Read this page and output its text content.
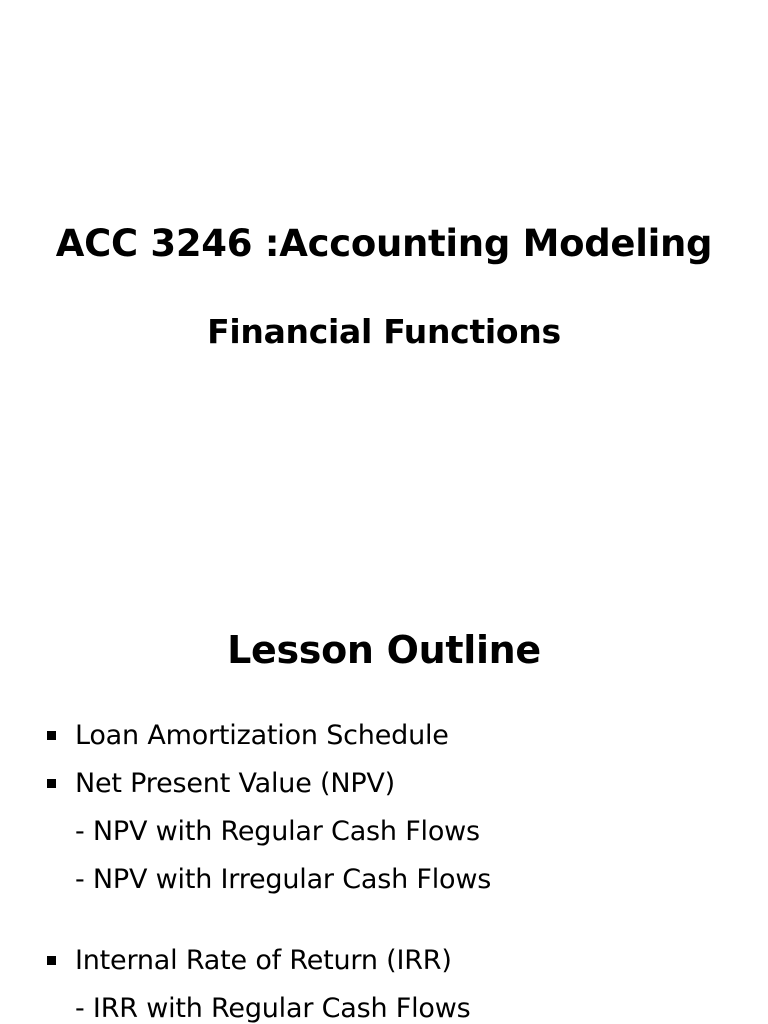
ACC 3246 :Accounting Modeling
Financial Functions
Lesson Outline
Loan Amortization Schedule
Net Present Value (NPV)
- NPV with Regular Cash Flows
- NPV with Irregular Cash Flows
Internal Rate of Return (IRR)
- IRR with Regular Cash Flows
